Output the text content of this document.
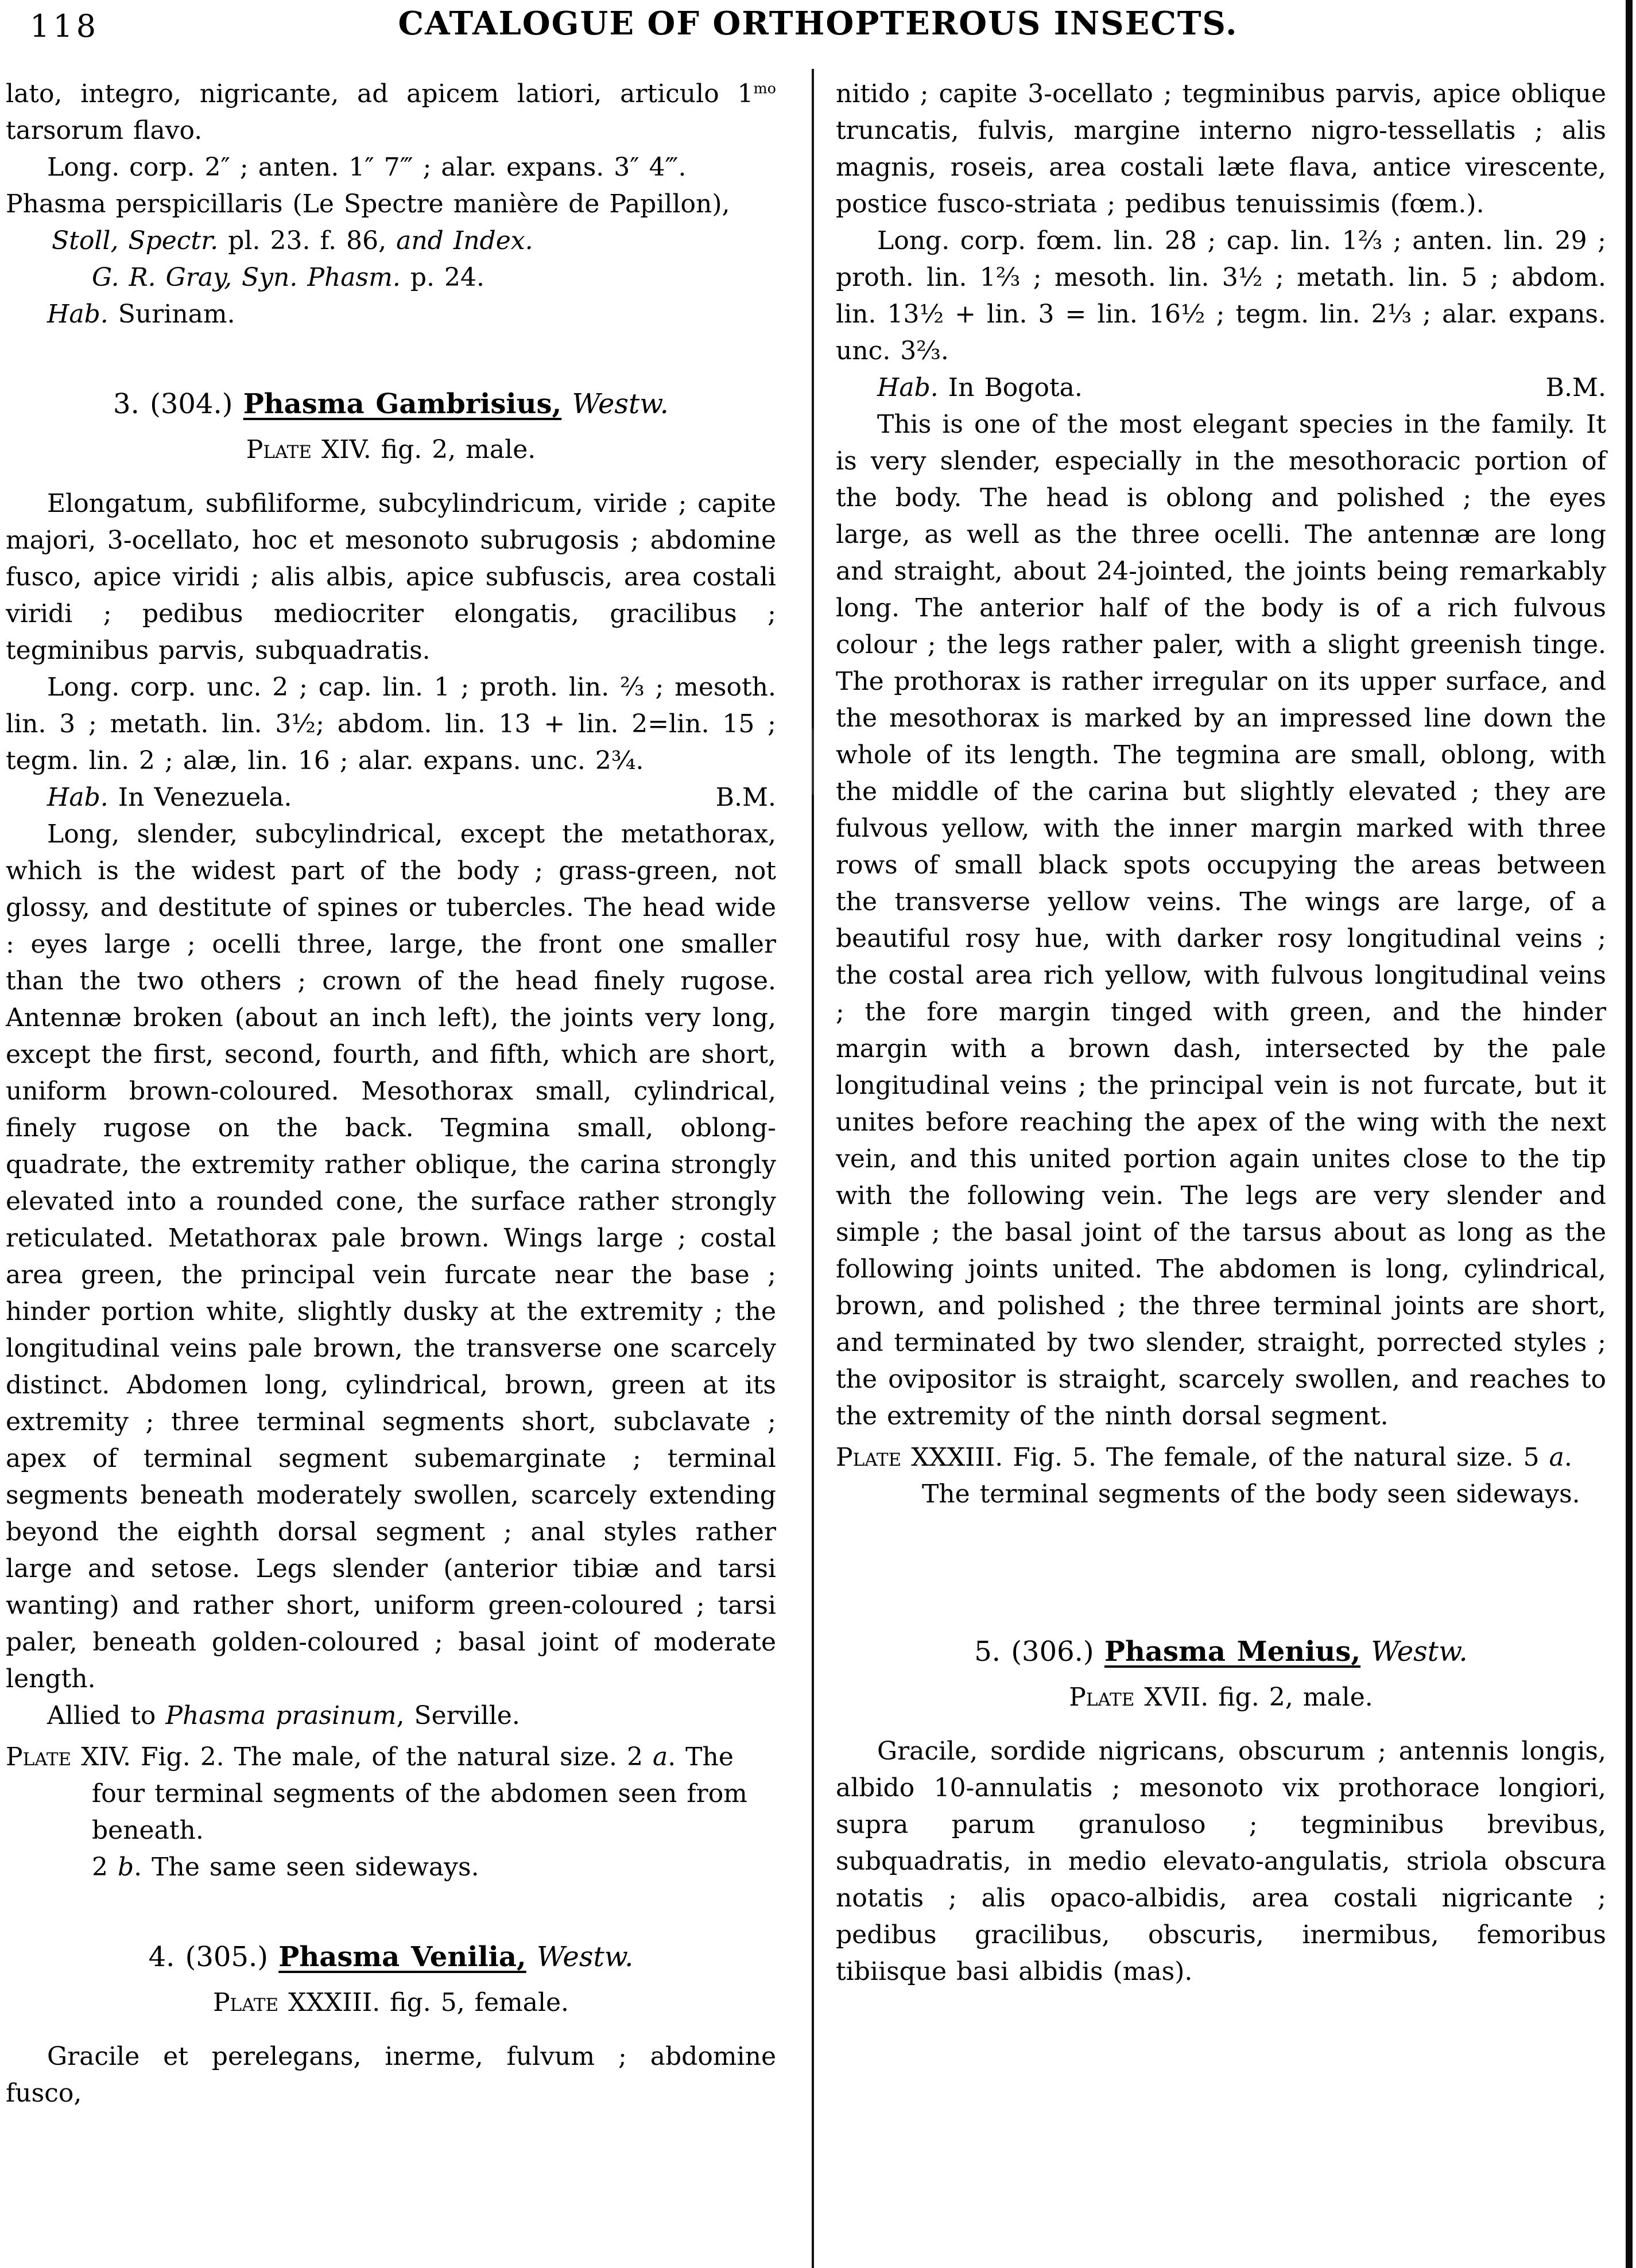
118	CATALOGUE OF ORTHOPTEROUS INSECTS.

lato, integro, nigricante, ad apicem latiori, articulo $1^{mo}$ tarsorum flavo.

Long. corp. 2″ ; anten. 1″ 7‴ ; alar. expans. 3″ 4‴.

Phasma perspicillaris (Le Spectre manière de Papillon),

Stoll, Spectr. pl. 23. f. 86, and Index.

G. R. Gray, Syn. Phasm. p. 24.

Hab. Surinam.

3. (304.) Phasma Gambrisius, Westw.

Plate XIV. fig. 2, male.

Elongatum, subfiliforme, subcylindricum, viride ; capite majori, 3-ocellato, hoc et mesonoto subrugosis ; abdomine fusco, apice viridi ; alis albis, apice subfuscis, area costali viridi ; pedibus mediocriter elongatis, gracilibus ; tegminibus parvis, subquadratis.

Long. corp. unc. 2 ; cap. lin. 1 ; proth. lin. ⅔ ; mesoth. lin. 3 ; metath. lin. 3½; abdom. lin. 13 + lin. 2=lin. 15 ; tegm. lin. 2 ; alæ, lin. 16 ; alar. expans. unc. 2¾.

Hab. In Venezuela.	B.M.

Long, slender, subcylindrical, except the metathorax, which is the widest part of the body ; grass-green, not glossy, and destitute of spines or tubercles. The head wide : eyes large ; ocelli three, large, the front one smaller than the two others ; crown of the head finely rugose. Antennæ broken (about an inch left), the joints very long, except the first, second, fourth, and fifth, which are short, uniform brown-coloured. Mesothorax small, cylindrical, finely rugose on the back. Tegmina small, oblong-quadrate, the extremity rather oblique, the carina strongly elevated into a rounded cone, the surface rather strongly reticulated. Metathorax pale brown. Wings large ; costal area green, the principal vein furcate near the base ; hinder portion white, slightly dusky at the extremity ; the longitudinal veins pale brown, the transverse one scarcely distinct. Abdomen long, cylindrical, brown, green at its extremity ; three terminal segments short, subclavate ; apex of terminal segment subemarginate ; terminal segments beneath moderately swollen, scarcely extending beyond the eighth dorsal segment ; anal styles rather large and setose. Legs slender (anterior tibiæ and tarsi wanting) and rather short, uniform green-coloured ; tarsi paler, beneath golden-coloured ; basal joint of moderate length.

Allied to Phasma prasinum, Serville.

Plate XIV. Fig. 2. The male, of the natural size. 2 a. The four terminal segments of the abdomen seen from beneath.
2 b. The same seen sideways.

4. (305.) Phasma Venilia, Westw.

Plate XXXIII. fig. 5, female.

Gracile et perelegans, inerme, fulvum ; abdomine fusco,

nitido ; capite 3-ocellato ; tegminibus parvis, apice oblique truncatis, fulvis, margine interno nigro-tessellatis ; alis magnis, roseis, area costali læte flava, antice virescente, postice fusco-striata ; pedibus tenuissimis (fœm.).

Long. corp. fœm. lin. 28 ; cap. lin. 1⅔ ; anten. lin. 29 ; proth. lin. 1⅔ ; mesoth. lin. 3½ ; metath. lin. 5 ; abdom. lin. 13½ + lin. 3 = lin. 16½ ; tegm. lin. 2⅓ ; alar. expans. unc. 3⅔.

Hab. In Bogota.	B.M.

This is one of the most elegant species in the family. It is very slender, especially in the mesothoracic portion of the body. The head is oblong and polished ; the eyes large, as well as the three ocelli. The antennæ are long and straight, about 24-jointed, the joints being remarkably long. The anterior half of the body is of a rich fulvous colour ; the legs rather paler, with a slight greenish tinge. The prothorax is rather irregular on its upper surface, and the mesothorax is marked by an impressed line down the whole of its length. The tegmina are small, oblong, with the middle of the carina but slightly elevated ; they are fulvous yellow, with the inner margin marked with three rows of small black spots occupying the areas between the transverse yellow veins. The wings are large, of a beautiful rosy hue, with darker rosy longitudinal veins ; the costal area rich yellow, with fulvous longitudinal veins ; the fore margin tinged with green, and the hinder margin with a brown dash, intersected by the pale longitudinal veins ; the principal vein is not furcate, but it unites before reaching the apex of the wing with the next vein, and this united portion again unites close to the tip with the following vein. The legs are very slender and simple ; the basal joint of the tarsus about as long as the following joints united. The abdomen is long, cylindrical, brown, and polished ; the three terminal joints are short, and terminated by two slender, straight, porrected styles ; the ovipositor is straight, scarcely swollen, and reaches to the extremity of the ninth dorsal segment.

Plate XXXIII. Fig. 5. The female, of the natural size. 5 a. The terminal segments of the body seen sideways.

5. (306.) Phasma Menius, Westw.

Plate XVII. fig. 2, male.

Gracile, sordide nigricans, obscurum ; antennis longis, albido 10-annulatis ; mesonoto vix prothorace longiori, supra parum granuloso ; tegminibus brevibus, subquadratis, in medio elevato-angulatis, striola obscura notatis ; alis opaco-albidis, area costali nigricante ; pedibus gracilibus, obscuris, inermibus, femoribus tibiisque basi albidis (mas).
